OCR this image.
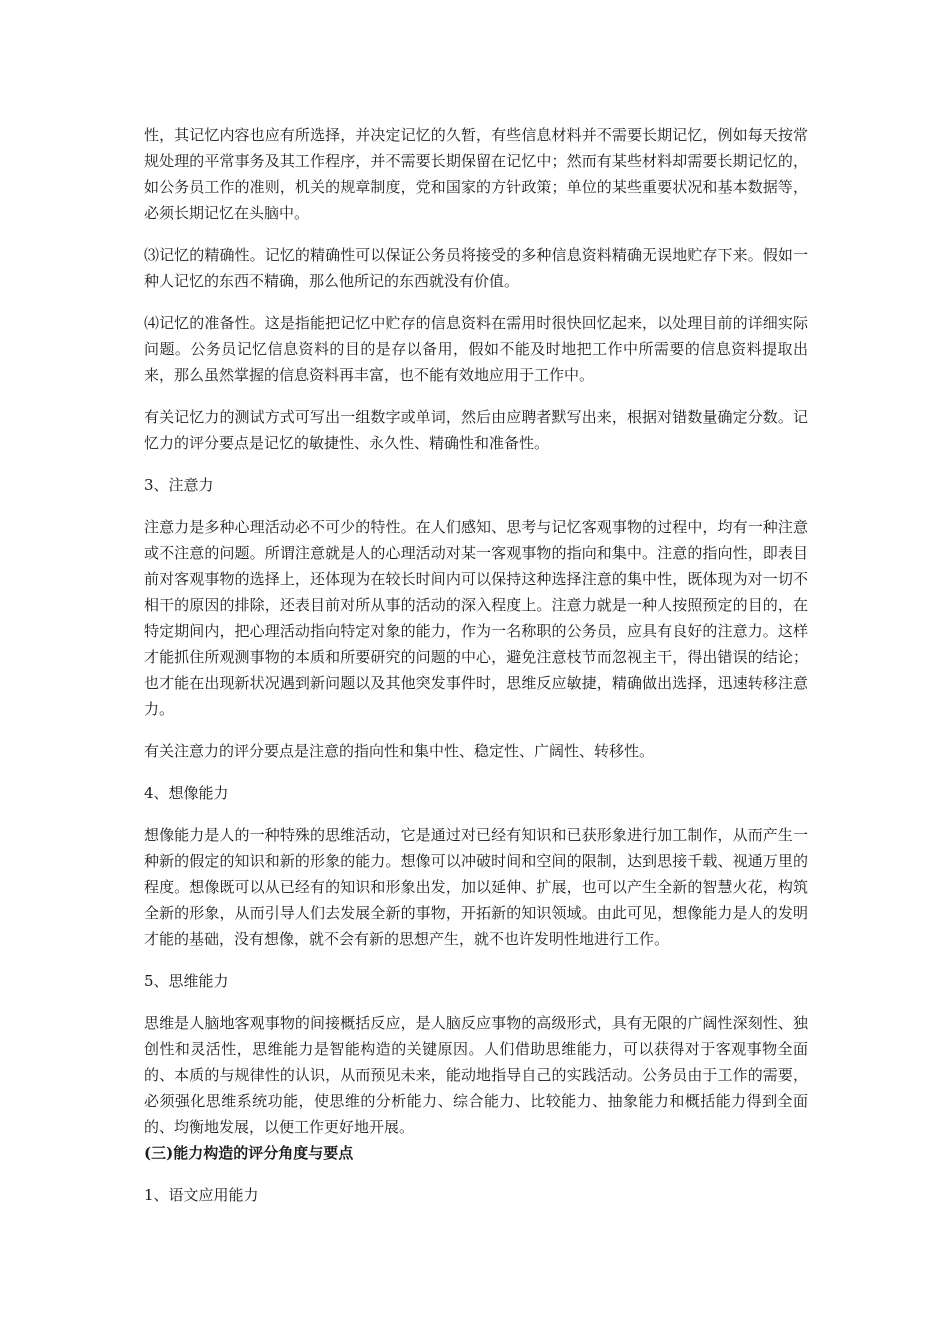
性，其记忆内容也应有所选择，并决定记忆的久暂，有些信息材料并不需要长期记忆，例如每天按常规处理的平常事务及其工作程序，并不需要长期保留在记忆中；然而有某些材料却需要长期记忆的，如公务员工作的准则，机关的规章制度，党和国家的方针政策；单位的某些重要状况和基本数据等，必须长期记忆在头脑中。

⑶记忆的精确性。记忆的精确性可以保证公务员将接受的多种信息资料精确无误地贮存下来。假如一种人记忆的东西不精确，那么他所记的东西就没有价值。

⑷记忆的准备性。这是指能把记忆中贮存的信息资料在需用时很快回忆起来，以处理目前的详细实际问题。公务员记忆信息资料的目的是存以备用，假如不能及时地把工作中所需要的信息资料提取出来，那么虽然掌握的信息资料再丰富，也不能有效地应用于工作中。

有关记忆力的测试方式可写出一组数字或单词，然后由应聘者默写出来，根据对错数量确定分数。记忆力的评分要点是记忆的敏捷性、永久性、精确性和准备性。

3、注意力

注意力是多种心理活动必不可少的特性。在人们感知、思考与记忆客观事物的过程中，均有一种注意或不注意的问题。所谓注意就是人的心理活动对某一客观事物的指向和集中。注意的指向性，即表目前对客观事物的选择上，还体现为在较长时间内可以保持这种选择注意的集中性，既体现为对一切不相干的原因的排除，还表目前对所从事的活动的深入程度上。注意力就是一种人按照预定的目的，在特定期间内，把心理活动指向特定对象的能力，作为一名称职的公务员，应具有良好的注意力。这样才能抓住所观测事物的本质和所要研究的问题的中心，避免注意枝节而忽视主干，得出错误的结论；也才能在出现新状况遇到新问题以及其他突发事件时，思维反应敏捷，精确做出选择，迅速转移注意力。

有关注意力的评分要点是注意的指向性和集中性、稳定性、广阔性、转移性。

4、想像能力

想像能力是人的一种特殊的思维活动，它是通过对已经有知识和已获形象进行加工制作，从而产生一种新的假定的知识和新的形象的能力。想像可以冲破时间和空间的限制，达到思接千载、视通万里的程度。想像既可以从已经有的知识和形象出发，加以延伸、扩展，也可以产生全新的智慧火花，构筑全新的形象，从而引导人们去发展全新的事物，开拓新的知识领域。由此可见，想像能力是人的发明才能的基础，没有想像，就不会有新的思想产生，就不也许发明性地进行工作。

5、思维能力

思维是人脑地客观事物的间接概括反应，是人脑反应事物的高级形式，具有无限的广阔性深刻性、独创性和灵活性，思维能力是智能构造的关键原因。人们借助思维能力，可以获得对于客观事物全面的、本质的与规律性的认识，从而预见未来，能动地指导自己的实践活动。公务员由于工作的需要，必须强化思维系统功能，使思维的分析能力、综合能力、比较能力、抽象能力和概括能力得到全面的、均衡地发展，以便工作更好地开展。

(三)能力构造的评分角度与要点

1、语文应用能力
